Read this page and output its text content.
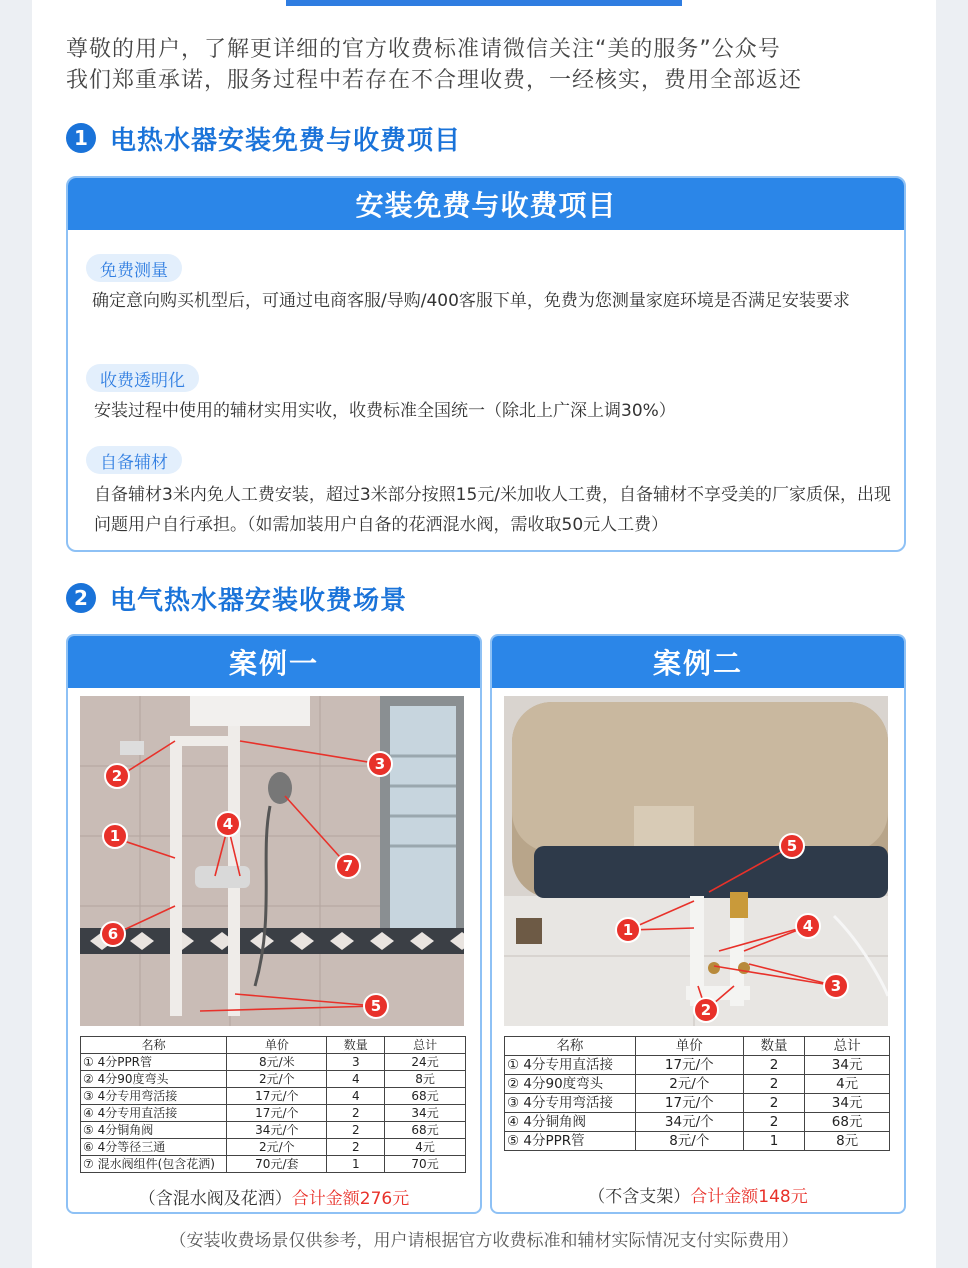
尊敬的用户，了解更详细的官方收费标准请微信关注“美的服务”公众号
我们郑重承诺，服务过程中若存在不合理收费，一经核实，费用全部返还
1 电热水器安装免费与收费项目
安装免费与收费项目
免费测量
确定意向购买机型后，可通过电商客服/导购/400客服下单，免费为您测量家庭环境是否满足安装要求
收费透明化
安装过程中使用的辅材实用实收，收费标准全国统一（除北上广深上调30%）
自备辅材
自备辅材3米内免人工费安装，超过3米部分按照15元/米加收人工费，自备辅材不享受美的厂家质保，出现问题用户自行承担。（如需加装用户自备的花洒混水阀，需收取50元人工费）
2 电气热水器安装收费场景
案例一
2
1
3
4
7
6
5
名称	单价	数量	总计
① 4分PPR管	8元/米	3	24元
② 4分90度弯头	2元/个	4	8元
③ 4分专用弯活接	17元/个	4	68元
④ 4分专用直活接	17元/个	2	34元
⑤ 4分铜角阀	34元/个	2	68元
⑥ 4分等径三通	2元/个	2	4元
⑦ 混水阀组件(包含花洒)	70元/套	1	70元
（含混水阀及花洒）合计金额276元
案例二
5
1	4
3
2
名称	单价	数量	总计
① 4分专用直活接	17元/个	2	34元
② 4分90度弯头	2元/个	2	4元
③ 4分专用弯活接	17元/个	2	34元
④ 4分铜角阀	34元/个	2	68元
⑤ 4分PPR管	8元/个	1	8元
（不含支架）合计金额148元
（安装收费场景仅供参考，用户请根据官方收费标准和辅材实际情况支付实际费用）
